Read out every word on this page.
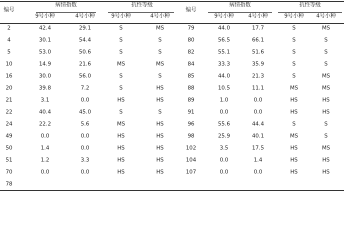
编号
病情指数	抗性等级
编号
病情指数	抗性等级
9号小种	4号小种	9号小种	4号小种	9号小种	4号小种	9号小种 4号小种
2	42.4	29.1	S	MS	79	44.0	17.7	S	MS
4	30.1	54.4	S	S	80	56.5	66.1	S	S
5	53.0	50.6	S	S	82	55.1	51.6	S	S
10	14.9	21.6	MS	MS	84	33.3	35.9	S	S
16	30.0	56.0	S	S	85	44.0	21.3	S	MS
20	39.8	7.2	S	HS	88	10.5	11.1	MS	MS
21	3.1	0.0	HS	HS	89	1.0	0.0	HS	HS
22	40.4	45.0	S	S	91	0.0	0.0	HS	HS
24	22.2	5.6	MS	HS	96	55.6	44.4	S	S
49	0.0	0.0	HS	HS	98	25.9	40.1	MS	S
50	1.4	0.0	HS	HS	102	3.5	17.5	HS	MS
51	1.2	3.3	HS	HS	104	0.0	1.4	HS	HS
70	0.0	0.0	HS	HS	107	0.0	0.0	HS	HS
78
